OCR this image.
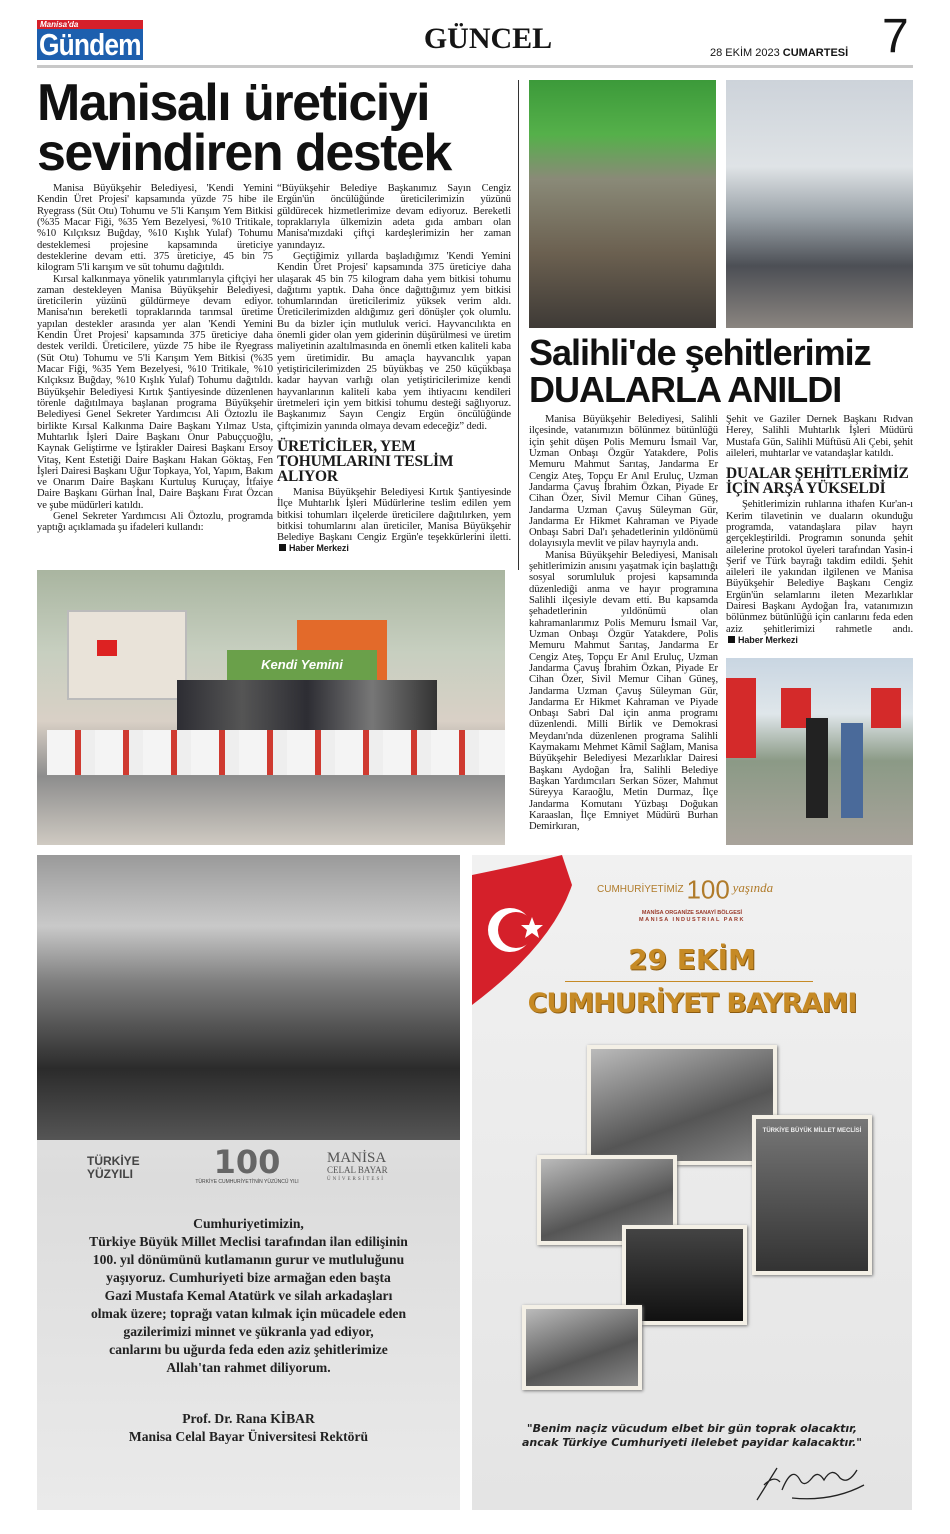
Manisa'da
Gündem	GÜNCEL	28 EKİM 2023 CUMARTESİ 7
Manisalı üreticiyi
sevindiren destek

Manisa Büyükşehir Belediyesi, 'Kendi Yemini Kendin Üret Projesi' kapsamında yüzde 75 hibe ile Ryegrass (Süt Otu) Tohumu ve 5'li Karışım Yem Bitkisi (%35 Macar Fiği, %35 Yem Bezelyesi, %10 Tritikale, %10 Kılçıksız Buğday, %10 Kışlık Yulaf) Tohumu desteklemesi projesine kapsamında üreticiye desteklerine devam etti. 375 üreticiye, 45 bin 75 kilogram 5'li karışım ve süt tohumu dağıtıldı.

Kırsal kalkınmaya yönelik yatırımlarıyla çiftçiyi her zaman destekleyen Manisa Büyükşehir Belediyesi, üreticilerin yüzünü güldürmeye devam ediyor. Manisa'nın bereketli topraklarında tarımsal üretime yapılan destekler arasında yer alan 'Kendi Yemini Kendin Üret Projesi' kapsamında 375 üreticiye daha destek verildi. Üreticilere, yüzde 75 hibe ile Ryegrass (Süt Otu) Tohumu ve 5'li Karışım Yem Bitkisi (%35 Macar Fiği, %35 Yem Bezelyesi, %10 Tritikale, %10 Kılçıksız Buğday, %10 Kışlık Yulaf) Tohumu dağıtıldı. Büyükşehir Belediyesi Kırtık Şantiyesinde düzenlenen törenle dağıtılmaya başlanan programa Büyükşehir Belediyesi Genel Sekreter Yardımcısı Ali Öztozlu ile birlikte Kırsal Kalkınma Daire Başkanı Yılmaz Usta, Muhtarlık İşleri Daire Başkanı Onur Pabuççuoğlu, Kaynak Geliştirme ve İştirakler Dairesi Başkanı Ersoy Vitaş, Kent Estetiği Daire Başkanı Hakan Göktaş, Fen İşleri Dairesi Başkanı Uğur Topkaya, Yol, Yapım, Bakım ve Onarım Daire Başkanı Kurtuluş Kuruçay, İtfaiye Daire Başkanı Gürhan İnal, Daire Başkanı Fırat Özcan ve şube müdürleri katıldı.

Genel Sekreter Yardımcısı Ali Öztozlu, programda yaptığı açıklamada şu ifadeleri kullandı:

“Büyükşehir Belediye Başkanımız Sayın Cengiz Ergün'ün öncülüğünde üreticilerimizin yüzünü güldürecek hizmetlerimize devam ediyoruz. Bereketli topraklarıyla ülkemizin adeta gıda ambarı olan Manisa'mızdaki çiftçi kardeşlerimizin her zaman yanındayız.

Geçtiğimiz yıllarda başladığımız 'Kendi Yemini Kendin Üret Projesi' kapsamında 375 üreticiye daha ulaşarak 45 bin 75 kilogram daha yem bitkisi tohumu dağıtımı yaptık. Daha önce dağıttığımız yem bitkisi tohumlarından üreticilerimiz yüksek verim aldı. Üreticilerimizden aldığımız geri dönüşler çok olumlu. Bu da bizler için mutluluk verici. Hayvancılıkta en önemli gider olan yem giderinin düşürülmesi ve üretim maliyetinin azaltılmasında en önemli etken kaliteli kaba yem üretimidir. Bu amaçla hayvancılık yapan yetiştiricilerimizden 25 büyükbaş ve 250 küçükbaşa kadar hayvan varlığı olan yetiştiricilerimize kendi hayvanlarının kaliteli kaba yem ihtiyacını kendileri üretmeleri için yem bitkisi tohumu desteği sağlıyoruz. Başkanımız Sayın Cengiz Ergün öncülüğünde çiftçimizin yanında olmaya devam edeceğiz” dedi.

ÜRETİCİLER, YEM TOHUMLARINI TESLİM ALIYOR

Manisa Büyükşehir Belediyesi Kırtık Şantiyesinde İlçe Muhtarlık İşleri Müdürlerine teslim edilen yem bitkisi tohumları ilçelerde üreticilere dağıtılırken, yem bitkisi tohumlarını alan üreticiler, Manisa Büyükşehir Belediye Başkanı Cengiz Ergün'e teşekkürlerini iletti. Haber Merkezi

Kendi Yemini
Salihli'de şehitlerimiz
DUALARLA ANILDI

Manisa Büyükşehir Belediyesi, Salihli ilçesinde, vatanımızın bölünmez bütünlüğü için şehit düşen Polis Memuru İsmail Var, Uzman Onbaşı Özgür Yatakdere, Polis Memuru Mahmut Sarıtaş, Jandarma Er Cengiz Ateş, Topçu Er Anıl Eruluç, Uzman Jandarma Çavuş İbrahim Özkan, Piyade Er Cihan Özer, Sivil Memur Cihan Güneş, Jandarma Uzman Çavuş Süleyman Gür, Jandarma Er Hikmet Kahraman ve Piyade Onbaşı Sabri Dal'ı şehadetlerinin yıldönümü dolayısıyla mevlit ve pilav hayrıyla andı.

Manisa Büyükşehir Belediyesi, Manisalı şehitlerimizin anısını yaşatmak için başlattığı sosyal sorumluluk projesi kapsamında düzenlediği anma ve hayır programına Salihli ilçesiyle devam etti. Bu kapsamda şehadetlerinin yıldönümü olan kahramanlarımız Polis Memuru İsmail Var, Uzman Onbaşı Özgür Yatakdere, Polis Memuru Mahmut Sarıtaş, Jandarma Er Cengiz Ateş, Topçu Er Anıl Eruluç, Uzman Jandarma Çavuş İbrahim Özkan, Piyade Er Cihan Özer, Sivil Memur Cihan Güneş, Jandarma Uzman Çavuş Süleyman Gür, Jandarma Er Hikmet Kahraman ve Piyade Onbaşı Sabri Dal için anma programı düzenlendi. Milli Birlik ve Demokrasi Meydanı'nda düzenlenen programa Salihli Kaymakamı Mehmet Kâmil Sağlam, Manisa Büyükşehir Belediyesi Mezarlıklar Dairesi Başkanı Aydoğan İra, Salihli Belediye Başkan Yardımcıları Serkan Sözer, Mahmut Süreyya Karaoğlu, Metin Durmaz, İlçe Jandarma Komutanı Yüzbaşı Doğukan Karaaslan, İlçe Emniyet Müdürü Burhan Demirkıran,

Şehit ve Gaziler Dernek Başkanı Rıdvan Herey, Salihli Muhtarlık İşleri Müdürü Mustafa Gün, Salihli Müftüsü Ali Çebi, şehit aileleri, muhtarlar ve vatandaşlar katıldı.

DUALAR ŞEHİTLERİMİZ İÇİN ARŞA YÜKSELDİ

Şehitlerimizin ruhlarına ithafen Kur'an-ı Kerim tilavetinin ve duaların okunduğu programda, vatandaşlara pilav hayrı gerçekleştirildi. Programın sonunda şehit ailelerine protokol üyeleri tarafından Yasin-i Şerif ve Türk bayrağı takdim edildi. Şehit aileleri ile yakından ilgilenen ve Manisa Büyükşehir Belediye Başkanı Cengiz Ergün'ün selamlarını ileten Mezarlıklar Dairesi Başkanı Aydoğan İra, vatanımızın bölünmez bütünlüğü için canlarını feda eden aziz şehitlerimizi rahmetle andı. Haber Merkezi

TÜRKİYE
YÜZYILI	100
TÜRKİYE CUMHURİYETİ'NİN YÜZÜNCÜ YILI
MANİSA
CELAL BAYAR
ÜNİVERSİTESİ
Cumhuriyetimizin,
Türkiye Büyük Millet Meclisi tarafından ilan edilişinin
100. yıl dönümünü kutlamanın gurur ve mutluluğunu
yaşıyoruz. Cumhuriyeti bize armağan eden başta
Gazi Mustafa Kemal Atatürk ve silah arkadaşları
olmak üzere; toprağı vatan kılmak için mücadele eden
gazilerimizi minnet ve şükranla yad ediyor,
canlarını bu uğurda feda eden aziz şehitlerimize
Allah'tan rahmet diliyorum.
Prof. Dr. Rana KİBAR
Manisa Celal Bayar Üniversitesi Rektörü
CUMHURİYETİMİZ 100 yaşında
MANİSA ORGANİZE SANAYİ BÖLGESİ
MANISA INDUSTRIAL PARK
29 EKİM
CUMHURİYET BAYRAMI
TÜRKİYE BÜYÜK MİLLET MECLİSİ
"Benim naçiz vücudum elbet bir gün toprak olacaktır,
ancak Türkiye Cumhuriyeti ilelebet payidar kalacaktır."
